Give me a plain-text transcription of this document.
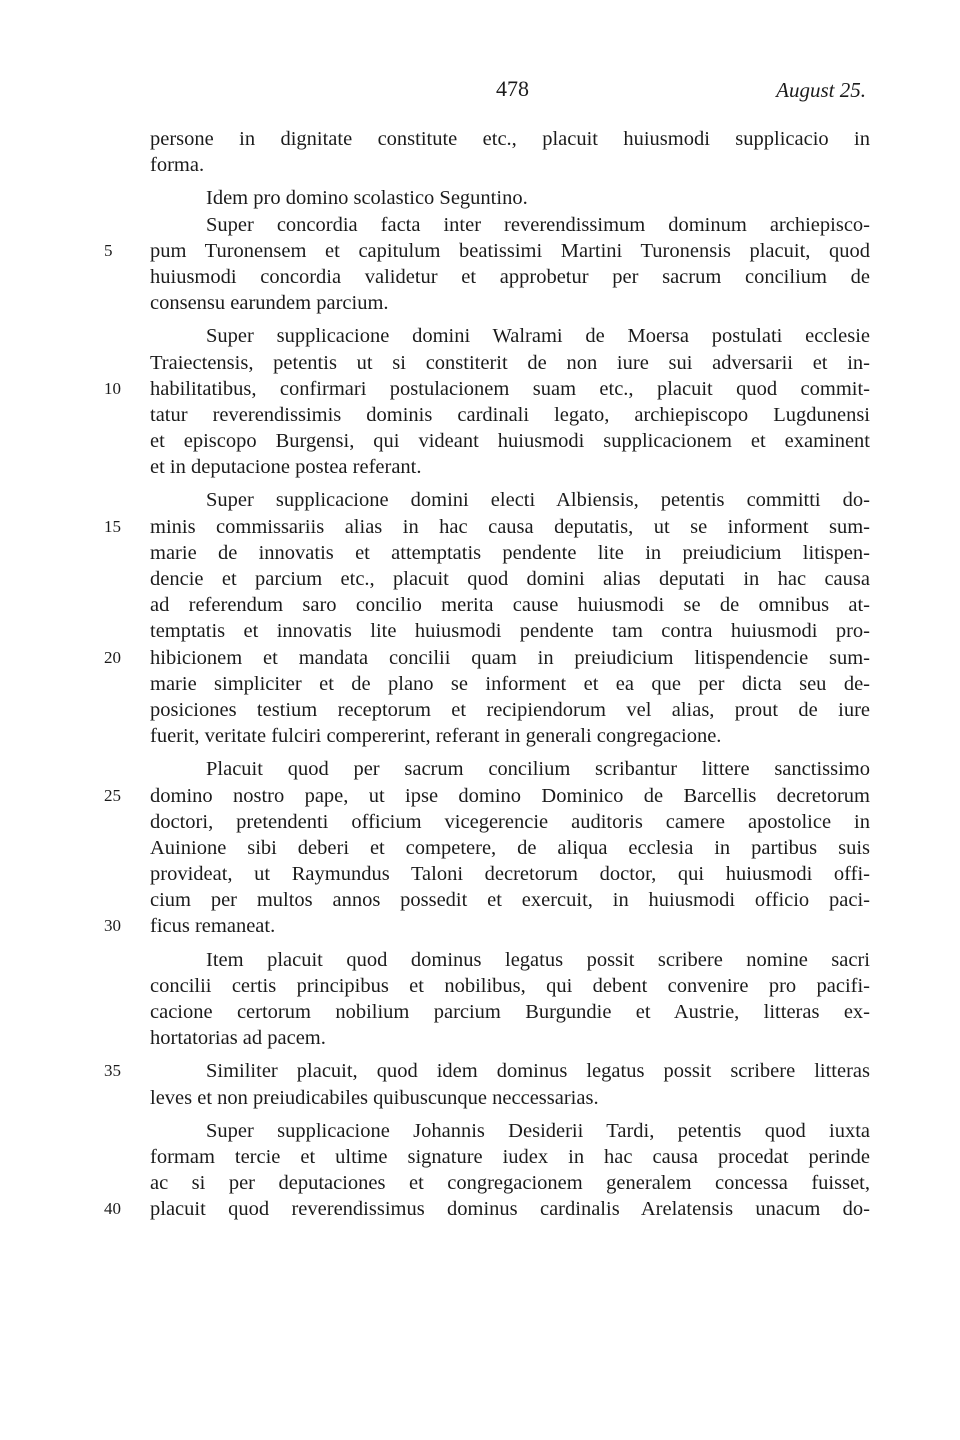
478	August 25.
persone in dignitate constitute etc., placuit huiusmodi supplicacio in
forma.
Idem pro domino scolastico Seguntino.
Super concordia facta inter reverendissimum dominum archiepisco-
pum Turonensem et capitulum beatissimi Martini Turonensis placuit, quod
5
huiusmodi concordia validetur et approbetur per sacrum concilium de
consensu earundem parcium.
Super supplicacione domini Walrami de Moersa postulati ecclesie
Traiectensis, petentis ut si constiterit de non iure sui adversarii et in-
habilitatibus, confirmari postulacionem suam etc., placuit quod commit-
10
tatur reverendissimis dominis cardinali legato, archiepiscopo Lugdunensi
et episcopo Burgensi, qui videant huiusmodi supplicacionem et examinent
et in deputacione postea referant.
Super supplicacione domini electi Albiensis, petentis committi do-
minis commissariis alias in hac causa deputatis, ut se informent sum-
15
marie de innovatis et attemptatis pendente lite in preiudicium litispen-
dencie et parcium etc., placuit quod domini alias deputati in hac causa
ad referendum saro concilio merita cause huiusmodi se de omnibus at-
temptatis et innovatis lite huiusmodi pendente tam contra huiusmodi pro-
hibicionem et mandata concilii quam in preiudicium litispendencie sum-
20
marie simpliciter et de plano se informent et ea que per dicta seu de-
posiciones testium receptorum et recipiendorum vel alias, prout de iure
fuerit, veritate fulciri compererint, referant in generali congregacione.
Placuit quod per sacrum concilium scribantur littere sanctissimo
domino nostro pape, ut ipse domino Dominico de Barcellis decretorum
25
doctori, pretendenti officium vicegerencie auditoris camere apostolice in
Auinione sibi deberi et competere, de aliqua ecclesia in partibus suis
provideat, ut Raymundus Taloni decretorum doctor, qui huiusmodi offi-
cium per multos annos possedit et exercuit, in huiusmodi officio paci-
ficus remaneat.
30
Item placuit quod dominus legatus possit scribere nomine sacri
concilii certis principibus et nobilibus, qui debent convenire pro pacifi-
cacione certorum nobilium parcium Burgundie et Austrie, litteras ex-
hortatorias ad pacem.
Similiter placuit, quod idem dominus legatus possit scribere litteras
35
leves et non preiudicabiles quibuscunque neccessarias.
Super supplicacione Johannis Desiderii Tardi, petentis quod iuxta
formam tercie et ultime signature iudex in hac causa procedat perinde
ac si per deputaciones et congregacionem generalem concessa fuisset,
placuit quod reverendissimus dominus cardinalis Arelatensis unacum do-
40
